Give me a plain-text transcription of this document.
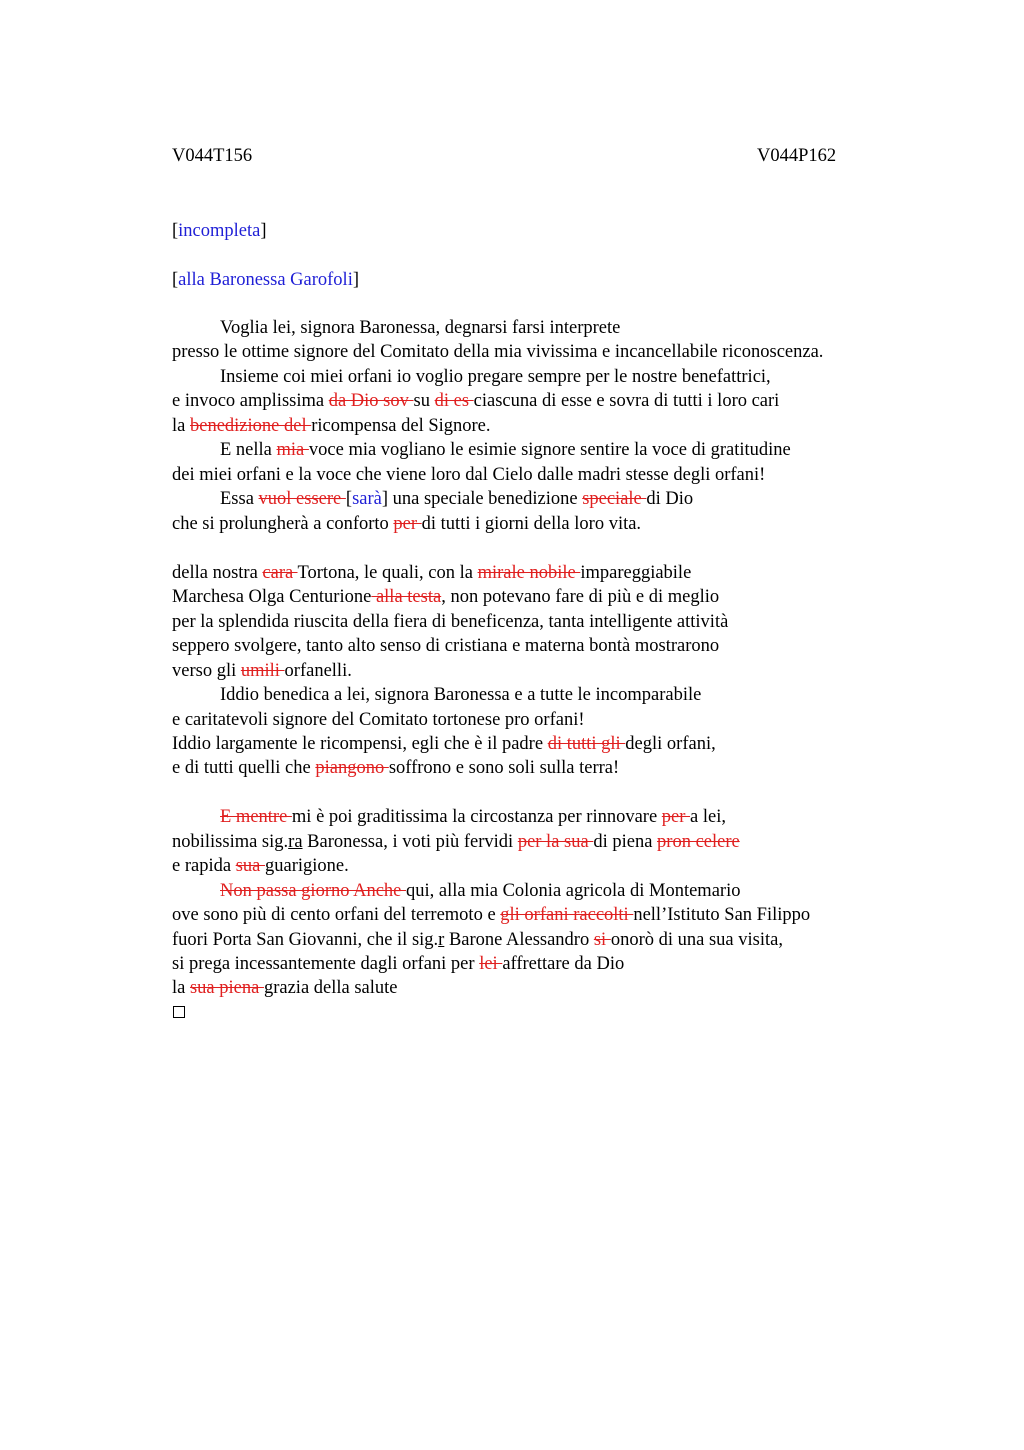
V044T156	V044P162
[incompleta]
[alla Baronessa Garofoli]
Voglia lei, signora Baronessa, degnarsi farsi interprete
presso le ottime signore del Comitato della mia vivissima e incancellabile riconoscenza.
Insieme coi miei orfani io voglio pregare sempre per le nostre benefattrici,
e invoco amplissima da Dio sov su di es ciascuna di esse e sovra di tutti i loro cari
la benedizione del ricompensa del Signore.
E nella mia voce mia vogliano le esimie signore sentire la voce di gratitudine
dei miei orfani e la voce che viene loro dal Cielo dalle madri stesse degli orfani!
Essa vuol essere [sarà] una speciale benedizione speciale di Dio
che si prolungherà a conforto per di tutti i giorni della loro vita.
della nostra cara Tortona, le quali, con la mirale nobile impareggiabile
Marchesa Olga Centurione alla testa, non potevano fare di più e di meglio
per la splendida riuscita della fiera di beneficenza, tanta intelligente attività
seppero svolgere, tanto alto senso di cristiana e materna bontà mostrarono
verso gli umili orfanelli.
Iddio benedica a lei, signora Baronessa e a tutte le incomparabile
e caritatevoli signore del Comitato tortonese pro orfani!
Iddio largamente le ricompensi, egli che è il padre di tutti gli degli orfani,
e di tutti quelli che piangono soffrono e sono soli sulla terra!
E mentre mi è poi graditissima la circostanza per rinnovare per a lei,
nobilissima sig.ra Baronessa, i voti più fervidi per la sua di piena pron celere
e rapida sua guarigione.
Non passa giorno Anche qui, alla mia Colonia agricola di Montemario
ove sono più di cento orfani del terremoto e gli orfani raccolti nell’Istituto San Filippo
fuori Porta San Giovanni, che il sig.r Barone Alessandro si onorò di una sua visita,
si prega incessantemente dagli orfani per lei affrettare da Dio
la sua piena grazia della salute
